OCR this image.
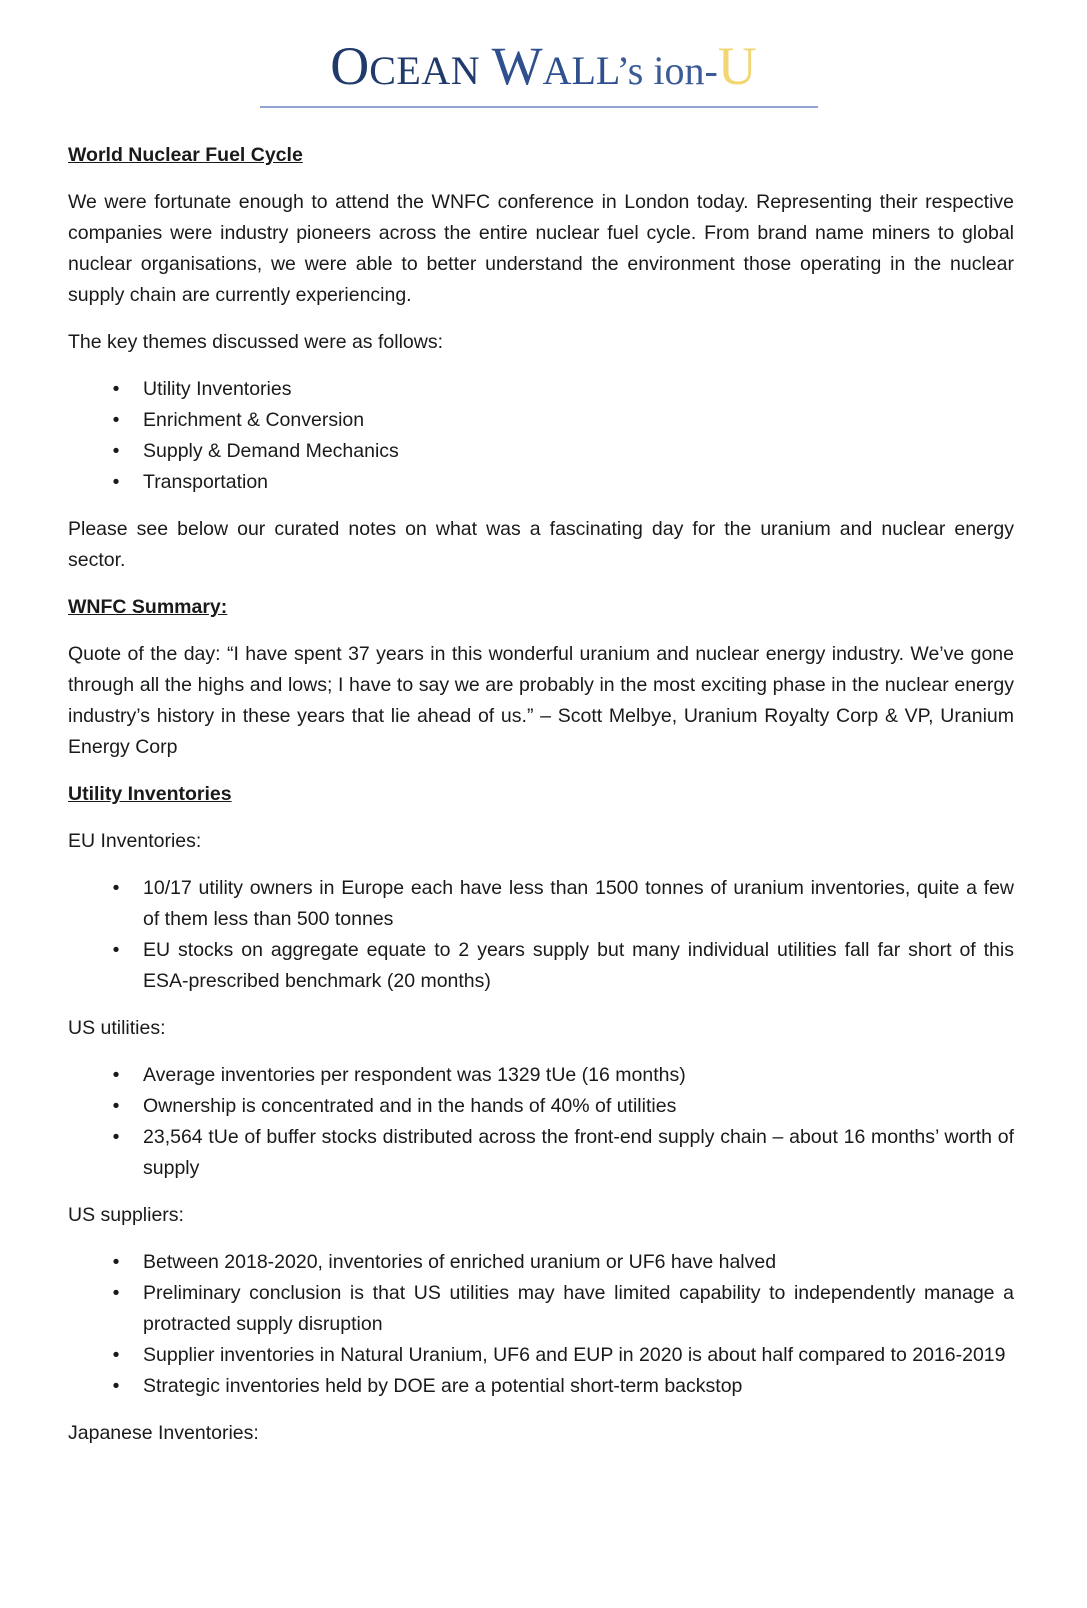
OCEAN WALL’s ion-U
World Nuclear Fuel Cycle

We were fortunate enough to attend the WNFC conference in London today. Representing their respective companies were industry pioneers across the entire nuclear fuel cycle. From brand name miners to global nuclear organisations, we were able to better understand the environment those operating in the nuclear supply chain are currently experiencing.

The key themes discussed were as follows:

•	Utility Inventories
•	Enrichment & Conversion
•	Supply & Demand Mechanics
•	Transportation

Please see below our curated notes on what was a fascinating day for the uranium and nuclear energy sector.

WNFC Summary:

Quote of the day: “I have spent 37 years in this wonderful uranium and nuclear energy industry. We’ve gone through all the highs and lows; I have to say we are probably in the most exciting phase in the nuclear energy industry’s history in these years that lie ahead of us.” – Scott Melbye, Uranium Royalty Corp & VP, Uranium Energy Corp

Utility Inventories
EU Inventories:
•	10/17 utility owners in Europe each have less than 1500 tonnes of uranium inventories, quite a few of them less than 500 tonnes
•	EU stocks on aggregate equate to 2 years supply but many individual utilities fall far short of this ESA-prescribed benchmark (20 months)
US utilities:
•	Average inventories per respondent was 1329 tUe (16 months)
•	Ownership is concentrated and in the hands of 40% of utilities
•	23,564 tUe of buffer stocks distributed across the front-end supply chain – about 16 months’ worth of supply
US suppliers:
•	Between 2018-2020, inventories of enriched uranium or UF6 have halved
•	Preliminary conclusion is that US utilities may have limited capability to independently manage a protracted supply disruption
•	Supplier inventories in Natural Uranium, UF6 and EUP in 2020 is about half compared to 2016-2019
•	Strategic inventories held by DOE are a potential short-term backstop
Japanese Inventories:
